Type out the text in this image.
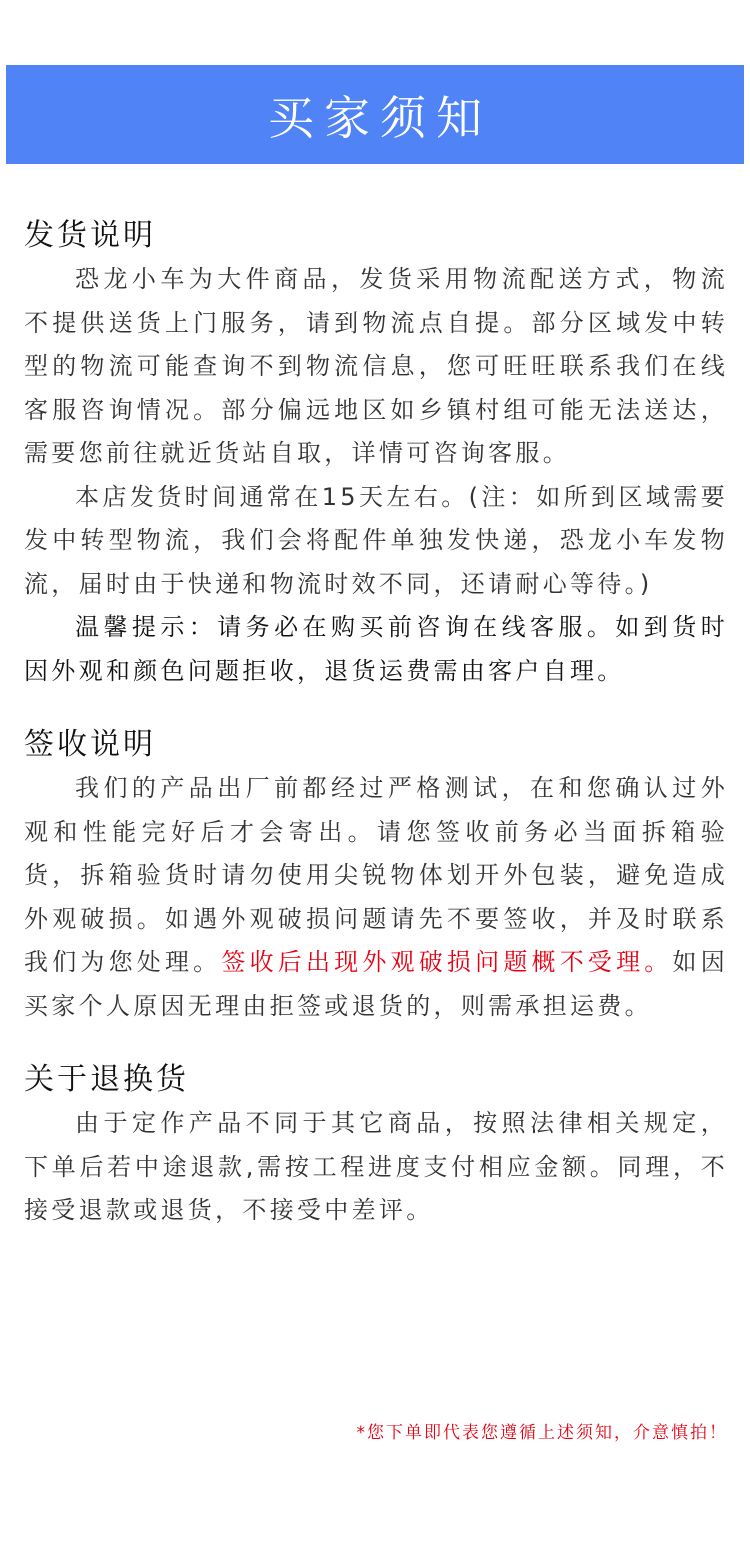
买家须知
发货说明

恐龙小车为大件商品，发货采用物流配送方式，物流不提供送货上门服务，请到物流点自提。部分区域发中转型的物流可能查询不到物流信息，您可旺旺联系我们在线客服咨询情况。部分偏远地区如乡镇村组可能无法送达，需要您前往就近货站自取，详情可咨询客服。

本店发货时间通常在15天左右。(注：如所到区域需要发中转型物流，我们会将配件单独发快递，恐龙小车发物流，届时由于快递和物流时效不同，还请耐心等待。)

温馨提示：请务必在购买前咨询在线客服。如到货时因外观和颜色问题拒收，退货运费需由客户自理。

签收说明

我们的产品出厂前都经过严格测试，在和您确认过外观和性能完好后才会寄出。请您签收前务必当面拆箱验货，拆箱验货时请勿使用尖锐物体划开外包装，避免造成外观破损。如遇外观破损问题请先不要签收，并及时联系我们为您处理。签收后出现外观破损问题概不受理。如因买家个人原因无理由拒签或退货的，则需承担运费。

关于退换货

由于定作产品不同于其它商品，按照法律相关规定，下单后若中途退款,需按工程进度支付相应金额。同理，不接受退款或退货，不接受中差评。

*您下单即代表您遵循上述须知，介意慎拍！
